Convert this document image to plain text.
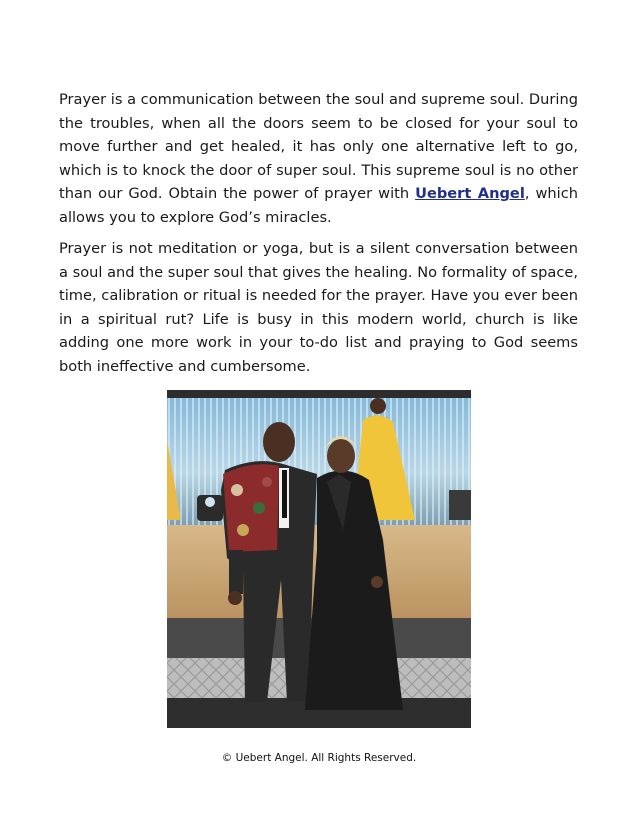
Prayer is a communication between the soul and supreme soul. During the troubles, when all the doors seem to be closed for your soul to move further and get healed, it has only one alternative left to go, which is to knock the door of super soul. This supreme soul is no other than our God. Obtain the power of prayer with Uebert Angel, which allows you to explore God’s miracles.

Prayer is not meditation or yoga, but is a silent conversation between a soul and the super soul that gives the healing. No formality of space, time, calibration or ritual is needed for the prayer. Have you ever been in a spiritual rut? Life is busy in this modern world, church is like adding one more work in your to-do list and praying to God seems both ineffective and cumbersome.

© Uebert Angel. All Rights Reserved.
